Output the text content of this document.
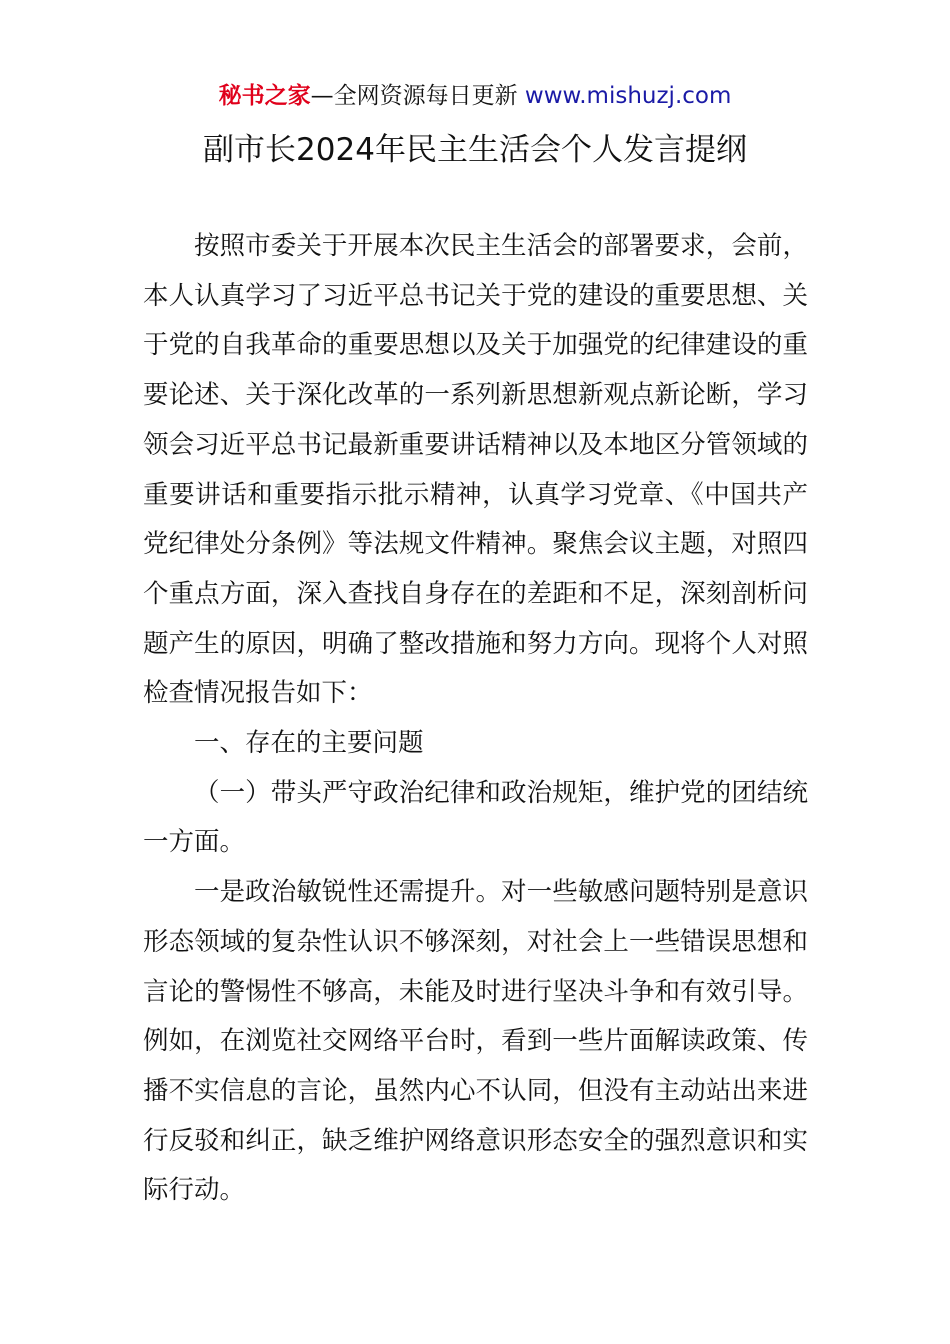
秘书之家—全网资源每日更新 www.mishuzj.com
副市长2024年民主生活会个人发言提纲

按照市委关于开展本次民主生活会的部署要求，会前，本人认真学习了习近平总书记关于党的建设的重要思想、关于党的自我革命的重要思想以及关于加强党的纪律建设的重要论述、关于深化改革的一系列新思想新观点新论断，学习领会习近平总书记最新重要讲话精神以及本地区分管领域的重要讲话和重要指示批示精神，认真学习党章、《中国共产党纪律处分条例》等法规文件精神。聚焦会议主题，对照四个重点方面，深入查找自身存在的差距和不足，深刻剖析问题产生的原因，明确了整改措施和努力方向。现将个人对照检查情况报告如下：

一、存在的主要问题

（一）带头严守政治纪律和政治规矩，维护党的团结统一方面。

一是政治敏锐性还需提升。对一些敏感问题特别是意识形态领域的复杂性认识不够深刻，对社会上一些错误思想和言论的警惕性不够高，未能及时进行坚决斗争和有效引导。例如，在浏览社交网络平台时，看到一些片面解读政策、传播不实信息的言论，虽然内心不认同，但没有主动站出来进行反驳和纠正，缺乏维护网络意识形态安全的强烈意识和实际行动。
